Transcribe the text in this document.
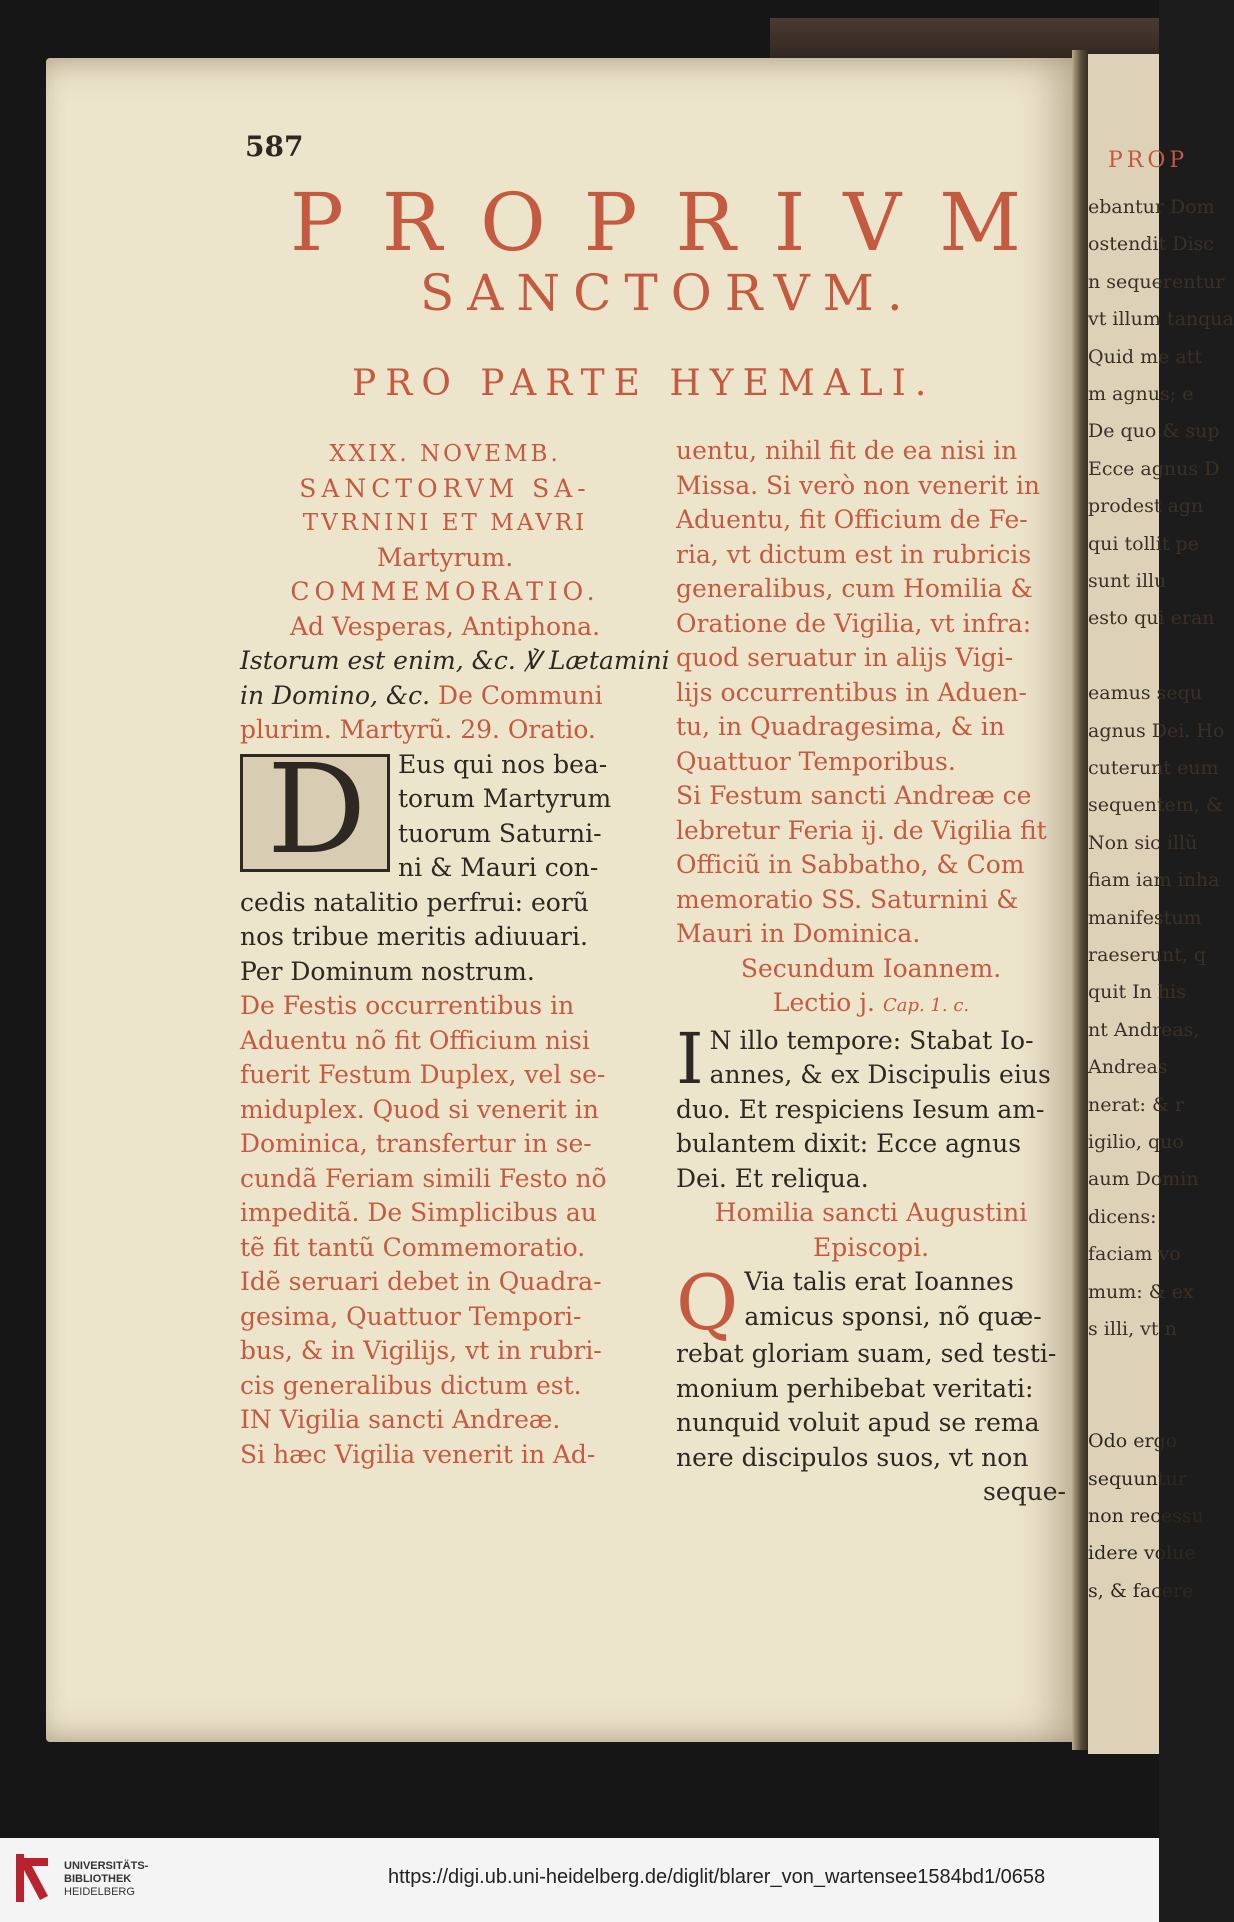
PROP
ebantur Dom
ostendit Disc
n sequerentur
vt illum tanqua
Quid me att
m agnus; e
De quo & sup
Ecce agnus D
prodest agn
qui tollit pe
sunt illu
esto qui eran
eamus sequ
agnus Dei. Ho
cuterunt eum
sequentem, &
Non sic illũ
fiam iam inha
manifestum
raeserunt, q
quit In his
nt Andreas,
Andreas
nerat: & r
igilio, quo
aum Domin
dicens:
faciam vo
mum: & ex
s illi, vt n
Odo ergo
sequuntur
non recessu
idere volue
s, & facere
587
PROPRIVM
SANCTORVM.
PRO PARTE HYEMALI.
XXIX. NOVEMB.
SANCTORVM SA-
TVRNINI ET MAVRI
Martyrum.
COMMEMORATIO.
Ad Vesperas, Antiphona.
Istorum est enim, &c. ℣ Lætamini
in Domino, &c. De Communi
plurim. Martyrũ. 29. Oratio.
D	Eus qui nos bea-
torum Martyrum
tuorum Saturni-
ni & Mauri con-
cedis natalitio perfrui: eorũ
nos tribue meritis adiuuari.
Per Dominum nostrum.
De Festis occurrentibus in
Aduentu nõ fit Officium nisi
fuerit Festum Duplex, vel se-
miduplex. Quod si venerit in
Dominica, transfertur in se-
cundã Feriam simili Festo nõ
impeditã. De Simplicibus au
tẽ fit tantũ Commemoratio.
Idẽ seruari debet in Quadra-
gesima, Quattuor Tempori-
bus, & in Vigilijs, vt in rubri-
cis generalibus dictum est.
IN Vigilia sancti Andreæ.
Si hæc Vigilia venerit in Ad-
uentu, nihil fit de ea nisi in
Missa. Si verò non venerit in
Aduentu, fit Officium de Fe-
ria, vt dictum est in rubricis
generalibus, cum Homilia &
Oratione de Vigilia, vt infra:
quod seruatur in alijs Vigi-
lijs occurrentibus in Aduen-
tu, in Quadragesima, & in
Quattuor Temporibus.
Si Festum sancti Andreæ ce
lebretur Feria ij. de Vigilia fit
Officiũ in Sabbatho, & Com
memoratio SS. Saturnini &
Mauri in Dominica.
Secundum Ioannem.
Lectio j. Cap. 1. c.
I N illo tempore: Stabat Io-
annes, & ex Discipulis eius
duo. Et respiciens Iesum am-
bulantem dixit: Ecce agnus
Dei. Et reliqua.
Homilia sancti Augustini
Episcopi.
Q Via talis erat Ioannes
amicus sponsi, nõ quæ-
rebat gloriam suam, sed testi-
monium perhibebat veritati:
nunquid voluit apud se rema
nere discipulos suos, vt non
seque-
UNIVERSITÄTS-
BIBLIOTHEK
HEIDELBERG
https://digi.ub.uni-heidelberg.de/diglit/blarer_von_wartensee1584bd1/0658
